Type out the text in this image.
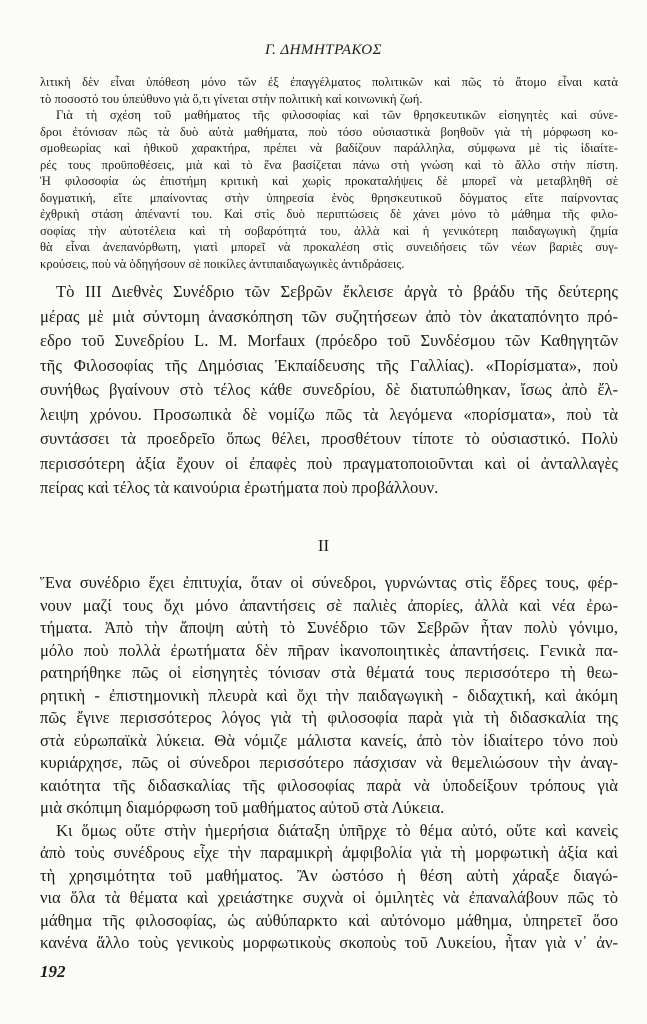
Γ. ΔΗΜΗΤΡΑΚΟΣ
λιτικὴ δὲν εἶναι ὑπόθεση μόνο τῶν ἐξ ἐπαγγέλματος πολιτικῶν καὶ πῶς τὸ ἄτομο εἶναι κατὰ
τὸ ποσοστό του ὑπεύθυνο γιὰ ὅ,τι γίνεται στὴν πολιτικὴ καὶ κοινωνικὴ ζωή.
Γιὰ τὴ σχέση τοῦ μαθήματος τῆς φιλοσοφίας καὶ τῶν θρησκευτικῶν εἰσηγητὲς καὶ σύνε-
δροι ἐτόνισαν πῶς τὰ δυὸ αὐτὰ μαθήματα, ποὺ τόσο οὐσιαστικὰ βοηθοῦν γιὰ τὴ μόρφωση κο-
σμοθεωρίας καὶ ἠθικοῦ χαρακτήρα, πρέπει νὰ βαδίζουν παράλληλα, σύμφωνα μὲ τὶς ἰδιαίτε-
ρές τους προϋποθέσεις, μιὰ καὶ τὸ ἕνα βασίζεται πάνω στὴ γνώση καὶ τὸ ἄλλο στὴν πίστη.
Ἡ φιλοσοφία ὡς ἐπιστήμη κριτικὴ καὶ χωρὶς προκαταλήψεις δὲ μπορεῖ νὰ μεταβληθῆ σὲ
δογματική, εἴτε μπαίνοντας στὴν ὑπηρεσία ἑνὸς θρησκευτικοῦ δόγματος εἴτε παίρνοντας
ἐχθρικὴ στάση ἀπέναντί του. Καὶ στὶς δυὸ περιπτώσεις δὲ χάνει μόνο τὸ μάθημα τῆς φιλο-
σοφίας τὴν αὐτοτέλεια καὶ τὴ σοβαρότητά του, ἀλλὰ καὶ ἡ γενικότερη παιδαγωγικὴ ζημία
θὰ εἶναι ἀνεπανόρθωτη, γιατὶ μπορεῖ νὰ προκαλέση στὶς συνειδήσεις τῶν νέων βαριὲς συγ-
κρούσεις, ποὺ νὰ ὁδηγήσουν σὲ ποικίλες ἀντιπαιδαγωγικὲς ἀντιδράσεις.
Τὸ ΙΙΙ Διεθνὲς Συνέδριο τῶν Σεβρῶν ἔκλεισε ἀργὰ τὸ βράδυ τῆς δεύτερης
μέρας μὲ μιὰ σύντομη ἀνασκόπηση τῶν συζητήσεων ἀπὸ τὸν ἀκαταπόνητο πρό-
εδρο τοῦ Συνεδρίου L. M. Morfaux (πρόεδρο τοῦ Συνδέσμου τῶν Καθηγητῶν
τῆς Φιλοσοφίας τῆς Δημόσιας Ἐκπαίδευσης τῆς Γαλλίας). «Πορίσματα», ποὺ
συνήθως βγαίνουν στὸ τέλος κάθε συνεδρίου, δὲ διατυπώθηκαν, ἴσως ἀπὸ ἔλ-
λειψη χρόνου. Προσωπικὰ δὲ νομίζω πῶς τὰ λεγόμενα «πορίσματα», ποὺ τὰ
συντάσσει τὰ προεδρεῖο ὅπως θέλει, προσθέτουν τίποτε τὸ οὐσιαστικό. Πολὺ
περισσότερη ἀξία ἔχουν οἱ ἐπαφὲς ποὺ πραγματοποιοῦνται καὶ οἱ ἀνταλλαγὲς
πείρας καὶ τέλος τὰ καινούρια ἐρωτήματα ποὺ προβάλλουν.
II
Ἕνα συνέδριο ἔχει ἐπιτυχία, ὅταν οἱ σύνεδροι, γυρνώντας στὶς ἕδρες τους, φέρ-
νουν μαζί τους ὄχι μόνο ἀπαντήσεις σὲ παλιὲς ἀπορίες, ἀλλὰ καὶ νέα ἐρω-
τήματα. Ἀπὸ τὴν ἄποψη αὐτὴ τὸ Συνέδριο τῶν Σεβρῶν ἦταν πολὺ γόνιμο,
μόλο ποὺ πολλὰ ἐρωτήματα δὲν πῆραν ἱκανοποιητικὲς ἀπαντήσεις. Γενικὰ πα-
ρατηρήθηκε πῶς οἱ εἰσηγητὲς τόνισαν στὰ θέματά τους περισσότερο τὴ θεω-
ρητικὴ - ἐπιστημονικὴ πλευρὰ καὶ ὄχι τὴν παιδαγωγικὴ - διδαχτική, καὶ ἀκόμη
πῶς ἔγινε περισσότερος λόγος γιὰ τὴ φιλοσοφία παρὰ γιὰ τὴ διδασκαλία της
στὰ εὐρωπαϊκὰ λύκεια. Θὰ νόμιζε μάλιστα κανείς, ἀπὸ τὸν ἰδιαίτερο τόνο ποὺ
κυριάρχησε, πῶς οἱ σύνεδροι περισσότερο πάσχισαν νὰ θεμελιώσουν τὴν ἀναγ-
καιότητα τῆς διδασκαλίας τῆς φιλοσοφίας παρὰ νὰ ὑποδείξουν τρόπους γιὰ
μιὰ σκόπιμη διαμόρφωση τοῦ μαθήματος αὐτοῦ στὰ Λύκεια.
Κι ὅμως οὔτε στὴν ἡμερήσια διάταξη ὑπῆρχε τὸ θέμα αὐτό, οὔτε καὶ κανεὶς
ἀπὸ τοὺς συνέδρους εἶχε τὴν παραμικρὴ ἀμφιβολία γιὰ τὴ μορφωτικὴ ἀξία καὶ
τὴ χρησιμότητα τοῦ μαθήματος. Ἂν ὡστόσο ἡ θέση αὐτὴ χάραξε διαγώ-
νια ὅλα τὰ θέματα καὶ χρειάστηκε συχνὰ οἱ ὁμιλητὲς νὰ ἐπαναλάβουν πῶς τὸ
μάθημα τῆς φιλοσοφίας, ὡς αὐθύπαρκτο καὶ αὐτόνομο μάθημα, ὑπηρετεῖ ὅσο
κανένα ἄλλο τοὺς γενικοὺς μορφωτικοὺς σκοποὺς τοῦ Λυκείου, ἦταν γιὰ ν᾽ ἀν-
192
